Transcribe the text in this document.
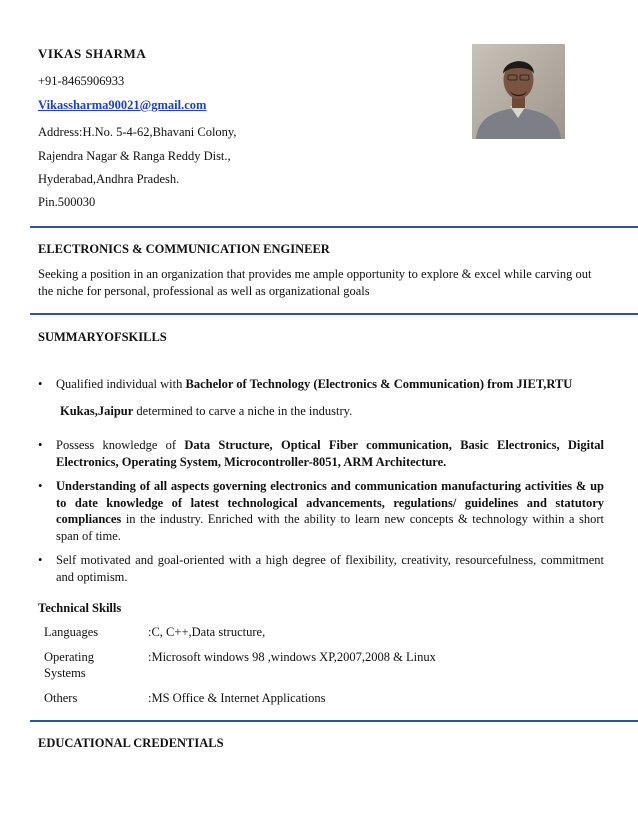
VIKAS SHARMA
+91-8465906933
Vikassharma90021@gmail.com
Address:H.No. 5-4-62,Bhavani Colony,
Rajendra Nagar & Ranga Reddy Dist.,
Hyderabad,Andhra Pradesh.
Pin.500030
ELECTRONICS & COMMUNICATION ENGINEER
Seeking a position in an organization that provides me ample opportunity to explore & excel while carving out the niche for personal, professional as well as organizational goals
SUMMARYOFSKILLS
• Qualified individual with Bachelor of Technology (Electronics & Communication) from JIET,RTU
Kukas,Jaipur determined to carve a niche in the industry.
• Possess knowledge of Data Structure, Optical Fiber communication, Basic Electronics, Digital Electronics, Operating System, Microcontroller-8051, ARM Architecture.
• Understanding of all aspects governing electronics and communication manufacturing activities & up to date knowledge of latest technological advancements, regulations/ guidelines and statutory compliances in the industry. Enriched with the ability to learn new concepts & technology within a short span of time.
• Self motivated and goal-oriented with a high degree of flexibility, creativity, resourcefulness, commitment and optimism.
Technical Skills
Languages	:C, C++,Data structure,
Operating Systems	:Microsoft windows 98 ,windows XP,2007,2008 & Linux
Others	:MS Office & Internet Applications
EDUCATIONAL CREDENTIALS
